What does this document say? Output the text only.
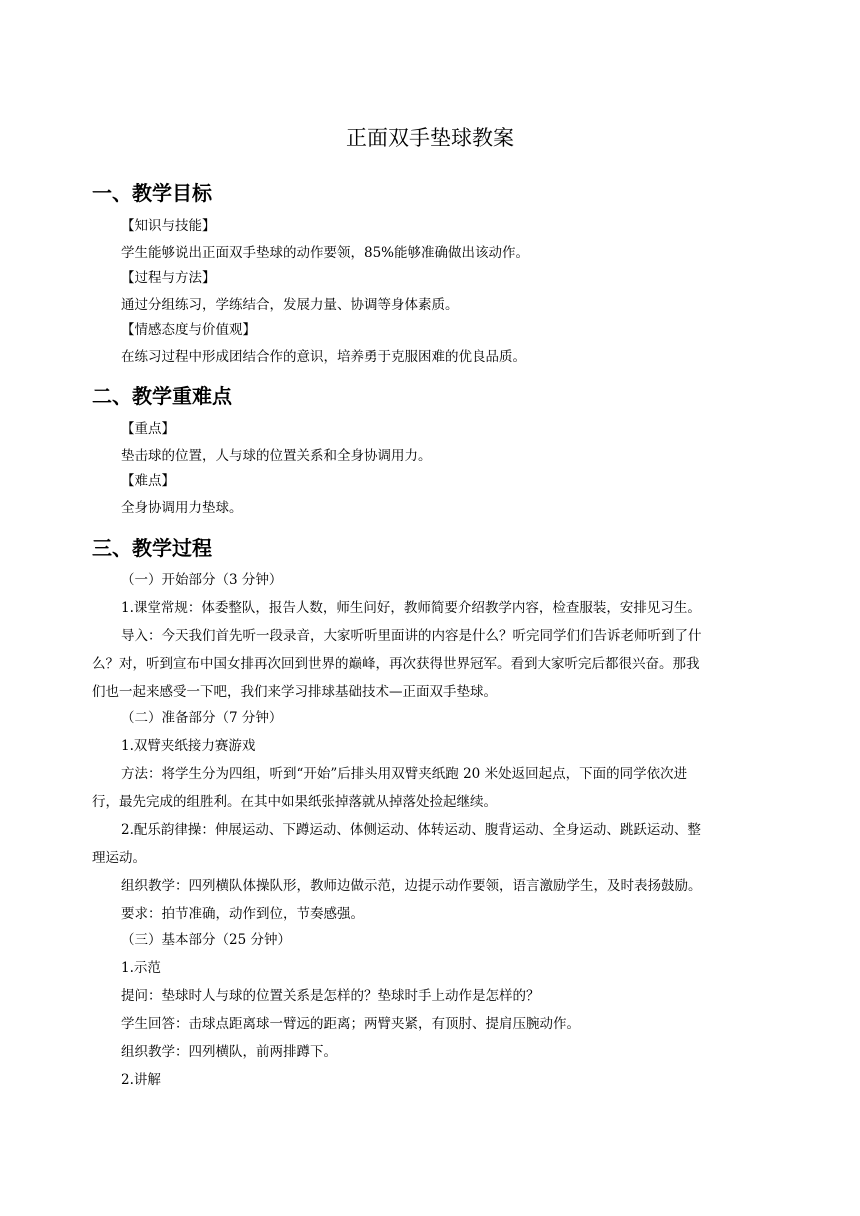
正面双手垫球教案
一、教学目标
【知识与技能】
学生能够说出正面双手垫球的动作要领，85%能够准确做出该动作。
【过程与方法】
通过分组练习，学练结合，发展力量、协调等身体素质。
【情感态度与价值观】
在练习过程中形成团结合作的意识，培养勇于克服困难的优良品质。
二、教学重难点
【重点】
垫击球的位置，人与球的位置关系和全身协调用力。
【难点】
全身协调用力垫球。
三、教学过程
（一）开始部分（3 分钟）
1.课堂常规：体委整队，报告人数，师生问好，教师简要介绍教学内容，检查服装，安排见习生。
导入：今天我们首先听一段录音，大家听听里面讲的内容是什么？听完同学们们告诉老师听到了什
么？对，听到宣布中国女排再次回到世界的巅峰，再次获得世界冠军。看到大家听完后都很兴奋。那我
们也一起来感受一下吧，我们来学习排球基础技术—正面双手垫球。
（二）准备部分（7 分钟）
1.双臂夹纸接力赛游戏
方法：将学生分为四组，听到“开始”后排头用双臂夹纸跑 20 米处返回起点，下面的同学依次进
行，最先完成的组胜利。在其中如果纸张掉落就从掉落处捡起继续。
2.配乐韵律操：伸展运动、下蹲运动、体侧运动、体转运动、腹背运动、全身运动、跳跃运动、整
理运动。
组织教学：四列横队体操队形，教师边做示范，边提示动作要领，语言激励学生，及时表扬鼓励。
要求：拍节准确，动作到位，节奏感强。
（三）基本部分（25 分钟）
1.示范
提问：垫球时人与球的位置关系是怎样的？垫球时手上动作是怎样的？
学生回答：击球点距离球一臂远的距离；两臂夹紧，有顶肘、提肩压腕动作。
组织教学：四列横队，前两排蹲下。
2.讲解
